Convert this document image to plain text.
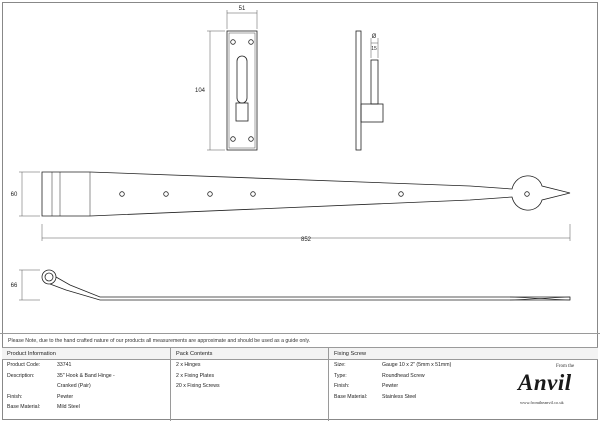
51
104
Ø
15
60
852
66
Please Note, due to the hand crafted nature of our products all measurements are approximate and should be used as a guide only.
Product Information
Product Code:	33741
Description:	35" Hook & Band Hinge -
Cranked (Pair)
Finish:	Pewter
Base Material:	Mild Steel
Pack Contents
2 x Hinges
2 x Fixing Plates
20 x Fixing Screws
Fixing Screw
Size:	Gauge 10 x 2" (5mm x 51mm)
Type:	Roundhead Screw
Finish:	Pewter
Base Material:	Stainless Steel
From the
Anvil
www.fromtheanvil.co.uk
